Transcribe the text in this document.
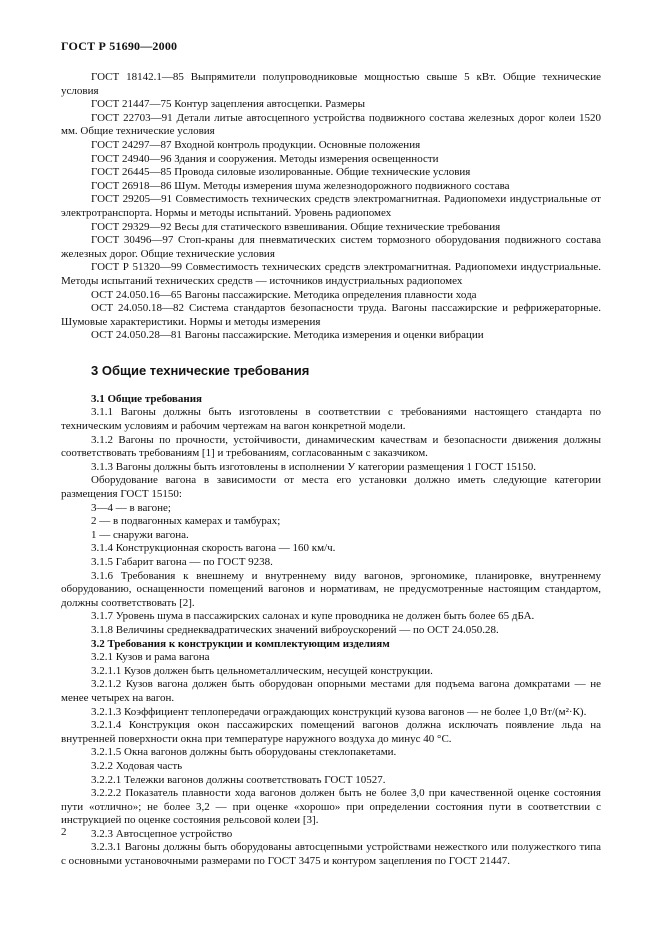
ГОСТ Р 51690—2000

ГОСТ 18142.1—85 Выпрямители полупроводниковые мощностью свыше 5 кВт. Общие технические условия

ГОСТ 21447—75 Контур зацепления автосцепки. Размеры

ГОСТ 22703—91 Детали литые автосцепного устройства подвижного состава железных дорог колеи 1520 мм. Общие технические условия

ГОСТ 24297—87 Входной контроль продукции. Основные положения

ГОСТ 24940—96 Здания и сооружения. Методы измерения освещенности

ГОСТ 26445—85 Провода силовые изолированные. Общие технические условия

ГОСТ 26918—86 Шум. Методы измерения шума железнодорожного подвижного состава

ГОСТ 29205—91 Совместимость технических средств электромагнитная. Радиопомехи индустриальные от электротранспорта. Нормы и методы испытаний. Уровень радиопомех

ГОСТ 29329—92 Весы для статического взвешивания. Общие технические требования

ГОСТ 30496—97 Стоп-краны для пневматических систем тормозного оборудования подвижного состава железных дорог. Общие технические условия

ГОСТ Р 51320—99 Совместимость технических средств электромагнитная. Радиопомехи индустриальные. Методы испытаний технических средств — источников индустриальных радиопомех

ОСТ 24.050.16—65 Вагоны пассажирские. Методика определения плавности хода

ОСТ 24.050.18—82 Система стандартов безопасности труда. Вагоны пассажирские и рефрижераторные. Шумовые характеристики. Нормы и методы измерения

ОСТ 24.050.28—81 Вагоны пассажирские. Методика измерения и оценки вибрации

3 Общие технические требования

3.1 Общие требования

3.1.1 Вагоны должны быть изготовлены в соответствии с требованиями настоящего стандарта по техническим условиям и рабочим чертежам на вагон конкретной модели.

3.1.2 Вагоны по прочности, устойчивости, динамическим качествам и безопасности движения должны соответствовать требованиям [1] и требованиям, согласованным с заказчиком.

3.1.3 Вагоны должны быть изготовлены в исполнении У категории размещения 1 ГОСТ 15150.

Оборудование вагона в зависимости от места его установки должно иметь следующие категории размещения ГОСТ 15150:

3—4 — в вагоне;

2 — в подвагонных камерах и тамбурах;

1 — снаружи вагона.

3.1.4 Конструкционная скорость вагона — 160 км/ч.

3.1.5 Габарит вагона — по ГОСТ 9238.

3.1.6 Требования к внешнему и внутреннему виду вагонов, эргономике, планировке, внутреннему оборудованию, оснащенности помещений вагонов и нормативам, не предусмотренные настоящим стандартом, должны соответствовать [2].

3.1.7 Уровень шума в пассажирских салонах и купе проводника не должен быть более 65 дБА.

3.1.8 Величины среднеквадратических значений виброускорений — по ОСТ 24.050.28.

3.2 Требования к конструкции и комплектующим изделиям

3.2.1 Кузов и рама вагона

3.2.1.1 Кузов должен быть цельнометаллическим, несущей конструкции.

3.2.1.2 Кузов вагона должен быть оборудован опорными местами для подъема вагона домкратами — не менее четырех на вагон.

3.2.1.3 Коэффициент теплопередачи ограждающих конструкций кузова вагонов — не более 1,0 Вт/(м²·К).

3.2.1.4 Конструкция окон пассажирских помещений вагонов должна исключать появление льда на внутренней поверхности окна при температуре наружного воздуха до минус 40 °С.

3.2.1.5 Окна вагонов должны быть оборудованы стеклопакетами.

3.2.2 Ходовая часть

3.2.2.1 Тележки вагонов должны соответствовать ГОСТ 10527.

3.2.2.2 Показатель плавности хода вагонов должен быть не более 3,0 при качественной оценке состояния пути «отлично»; не более 3,2 — при оценке «хорошо» при определении состояния пути в соответствии с инструкцией по оценке состояния рельсовой колеи [3].

3.2.3 Автосцепное устройство

3.2.3.1 Вагоны должны быть оборудованы автосцепными устройствами нежесткого или полужесткого типа с основными установочными размерами по ГОСТ 3475 и контуром зацепления по ГОСТ 21447.

2
